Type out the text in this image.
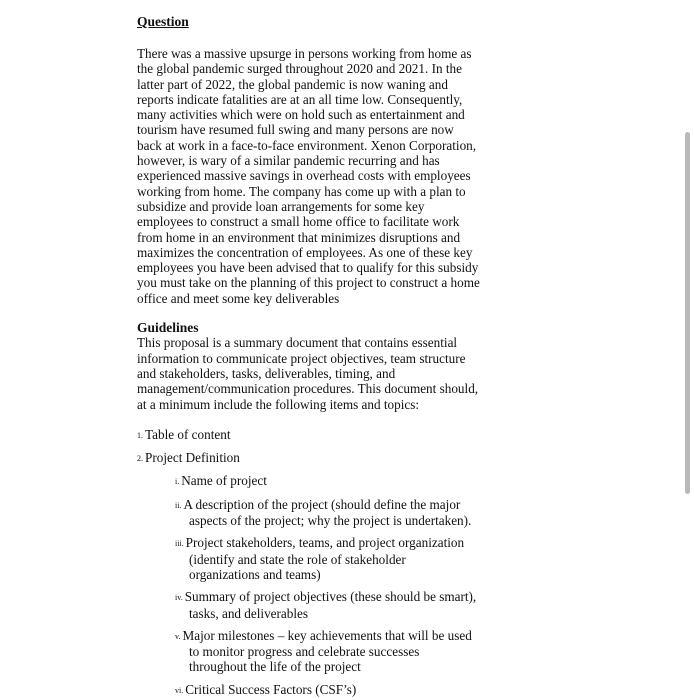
Question

There was a massive upsurge in persons working from home as

the global pandemic surged throughout 2020 and 2021. In the

latter part of 2022, the global pandemic is now waning and

reports indicate fatalities are at an all time low. Consequently,

many activities which were on hold such as entertainment and

tourism have resumed full swing and many persons are now

back at work in a face-to-face environment. Xenon Corporation,

however, is wary of a similar pandemic recurring and has

experienced massive savings in overhead costs with employees

working from home. The company has come up with a plan to

subsidize and provide loan arrangements for some key

employees to construct a small home office to facilitate work

from home in an environment that minimizes disruptions and

maximizes the concentration of employees. As one of these key

employees you have been advised that to qualify for this subsidy

you must take on the planning of this project to construct a home

office and meet some key deliverables

Guidelines

This proposal is a summary document that contains essential

information to communicate project objectives, team structure

and stakeholders, tasks, deliverables, timing, and

management/communication procedures. This document should,

at a minimum include the following items and topics:

1. Table of content
2. Project Definition
i. Name of project
ii. A description of the project (should define the major
aspects of the project; why the project is undertaken).
iii. Project stakeholders, teams, and project organization
(identify and state the role of stakeholder
organizations and teams)
iv. Summary of project objectives (these should be smart),
tasks, and deliverables
v. Major milestones – key achievements that will be used
to monitor progress and celebrate successes
throughout the life of the project
vi. Critical Success Factors (CSF’s)
